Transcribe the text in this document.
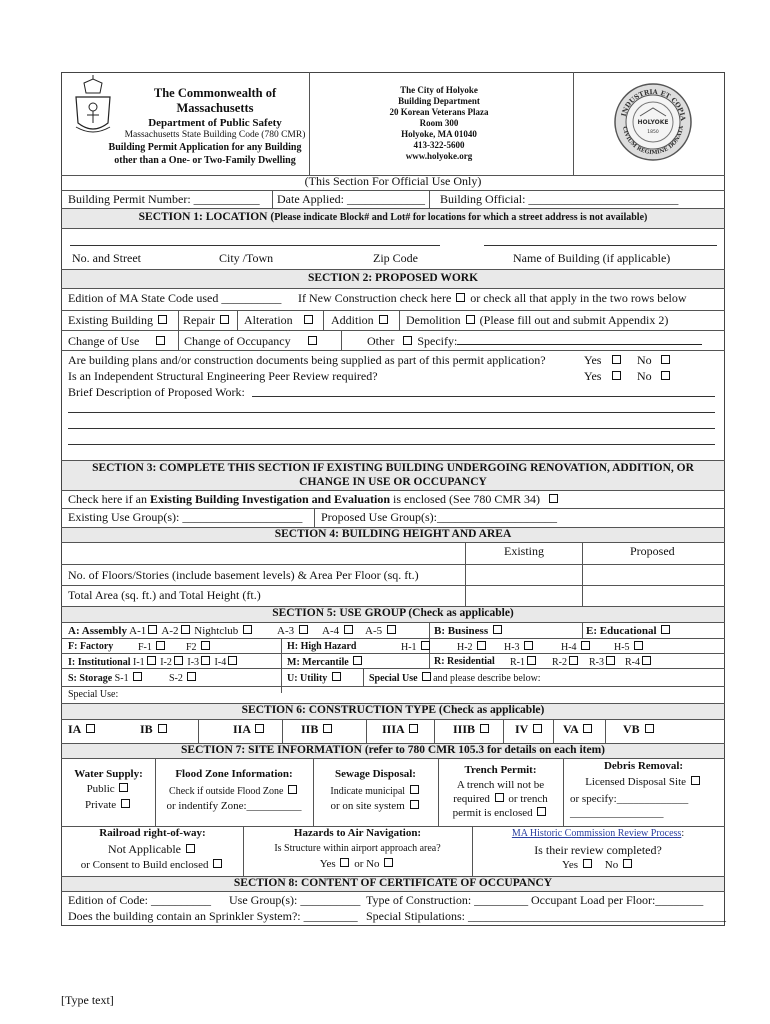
The Commonwealth of
Massachusetts
Department of Public Safety
Massachusetts State Building Code (780 CMR)
Building Permit Application for any Building
other than a One- or Two-Family Dwelling
The City of Holyoke
Building Department
20 Korean Veterans Plaza
Room 300
Holyoke, MA 01040
413-322-5600
www.holyoke.org
INDUSTRIA ET COPIA
CIVIUM REGIMINE DONATA
HOLYOKE
1850
(This Section For Official Use Only)
Building Permit Number: ___________ Date Applied: _____________ Building Official: _________________________
SECTION 1: LOCATION (Please indicate Block# and Lot# for locations for which a street address is not available)
No. and Street	City /Town	Zip Code	Name of Building (if applicable)
SECTION 2: PROPOSED WORK
Edition of MA State Code used __________ If New Construction check here or check all that apply in the two rows below
Existing Building	Repair	Alteration	Addition	Demolition (Please fill out and submit Appendix 2)
Change of Use	Change of Occupancy	Other Specify:
Are building plans and/or construction documents being supplied as part of this permit application?	Yes	No
Is an Independent Structural Engineering Peer Review required?	Yes	No
Brief Description of Proposed Work:
SECTION 3: COMPLETE THIS SECTION IF EXISTING BUILDING UNDERGOING RENOVATION, ADDITION, OR
CHANGE IN USE OR OCCUPANCY
Check here if an Existing Building Investigation and Evaluation is enclosed (See 780 CMR 34)
Existing Use Group(s): ____________________ Proposed Use Group(s):____________________
SECTION 4: BUILDING HEIGHT AND AREA
Existing	Proposed
No. of Floors/Stories (include basement levels) & Area Per Floor (sq. ft.)
Total Area (sq. ft.) and Total Height (ft.)
SECTION 5: USE GROUP (Check as applicable)
A: Assembly A-1 A-2 Nightclub	A-3	A-4	A-5	B: Business	E: Educational
F: Factory F-1	F2	H: High Hazard	H-1	H-2	H-3	H-4	H-5
I: Institutional I-1 I-2 I-3 I-4	M: Mercantile	R: Residential R-1	R-2	R-3	R-4
S: Storage S-1	S-2	U: Utility	Special Use and please describe below:
Special Use:
SECTION 6: CONSTRUCTION TYPE (Check as applicable)
IA	IB	IIA	IIB	IIIA	IIIB	IV	VA	VB
SECTION 7: SITE INFORMATION (refer to 780 CMR 105.3 for details on each item)
Water Supply:
Public
Private
Flood Zone Information:
Check if outside Flood Zone
or indentify Zone:__________
Sewage Disposal:
Indicate municipal
or on site system
Trench Permit:
A trench will not be
required or trench
permit is enclosed
Debris Removal:
Licensed Disposal Site
or specify:_____________
_________________
Railroad right-of-way:
Not Applicable
or Consent to Build enclosed
Hazards to Air Navigation:
Is Structure within airport approach area?
Yes or No
MA Historic Commission Review Process:
Is their review completed?
Yes No
SECTION 8: CONTENT OF CERTIFICATE OF OCCUPANCY
Edition of Code: __________ Use Group(s): __________ Type of Construction: _________ Occupant Load per Floor:________
Does the building contain an Sprinkler System?: _________ Special Stipulations: ___________________________________________
[Type text]
